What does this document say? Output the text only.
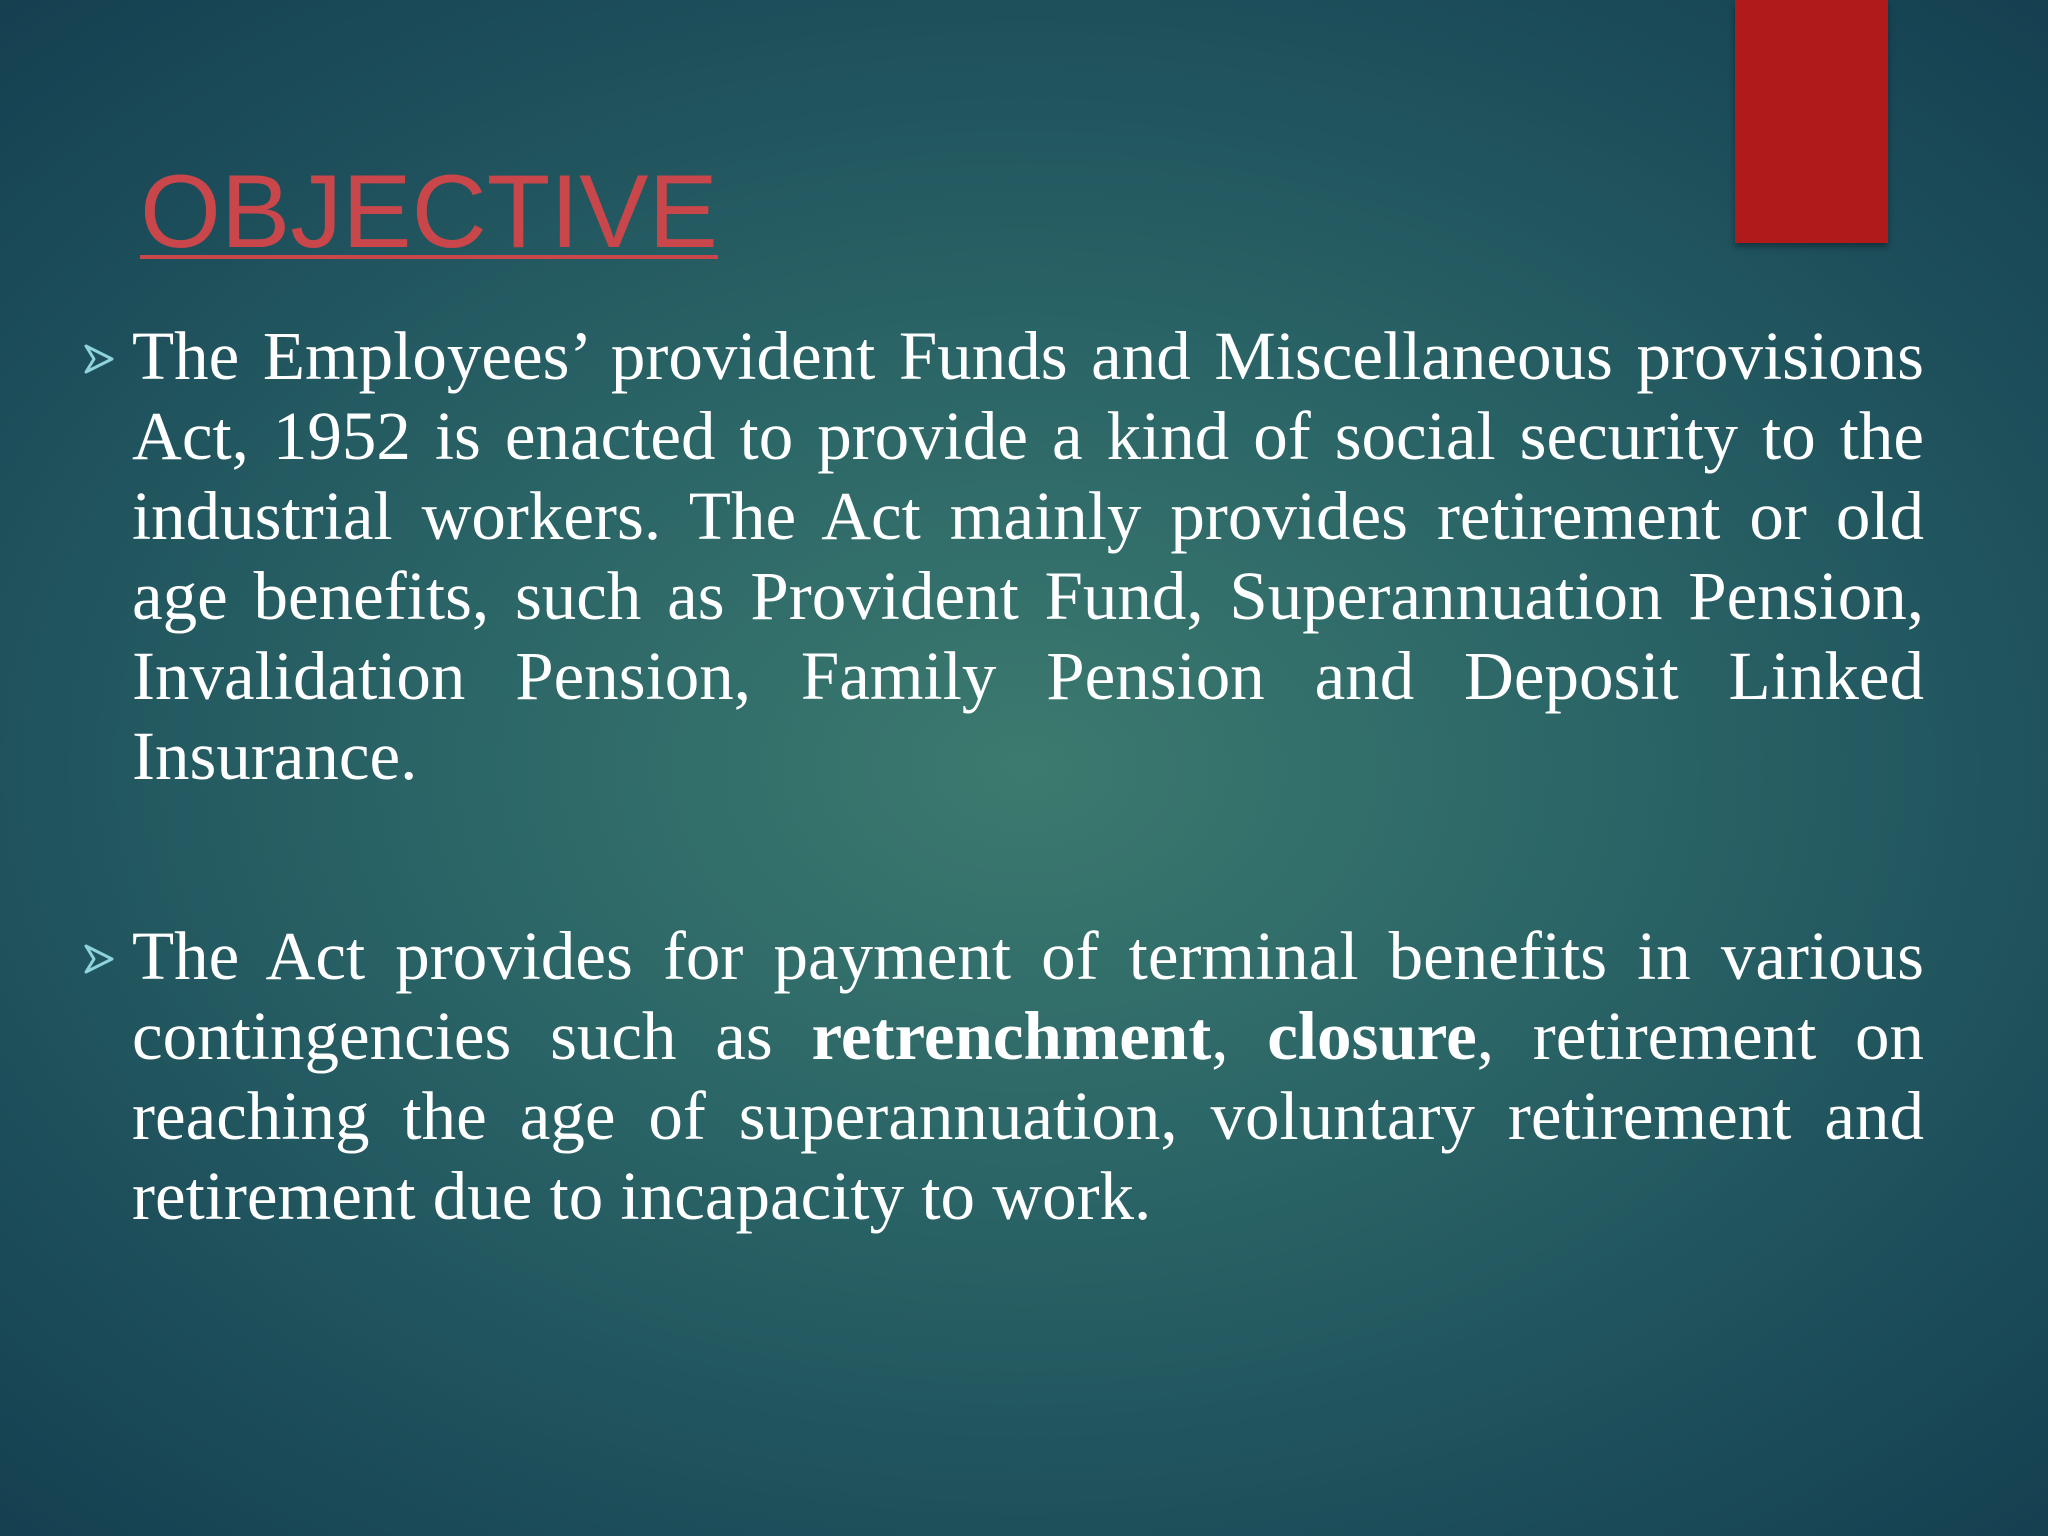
OBJECTIVE
The Employees’ provident Funds and Miscellaneous provisions Act, 1952 is enacted to provide a kind of social security to the industrial workers. The Act mainly provides retirement or old age benefits, such as Provident Fund, Superannuation Pension, Invalidation Pension, Family Pension and Deposit Linked Insurance.
The Act provides for payment of terminal benefits in various contingencies such as retrenchment, closure, retirement on reaching the age of superannuation, voluntary retirement and retirement due to incapacity to work.
